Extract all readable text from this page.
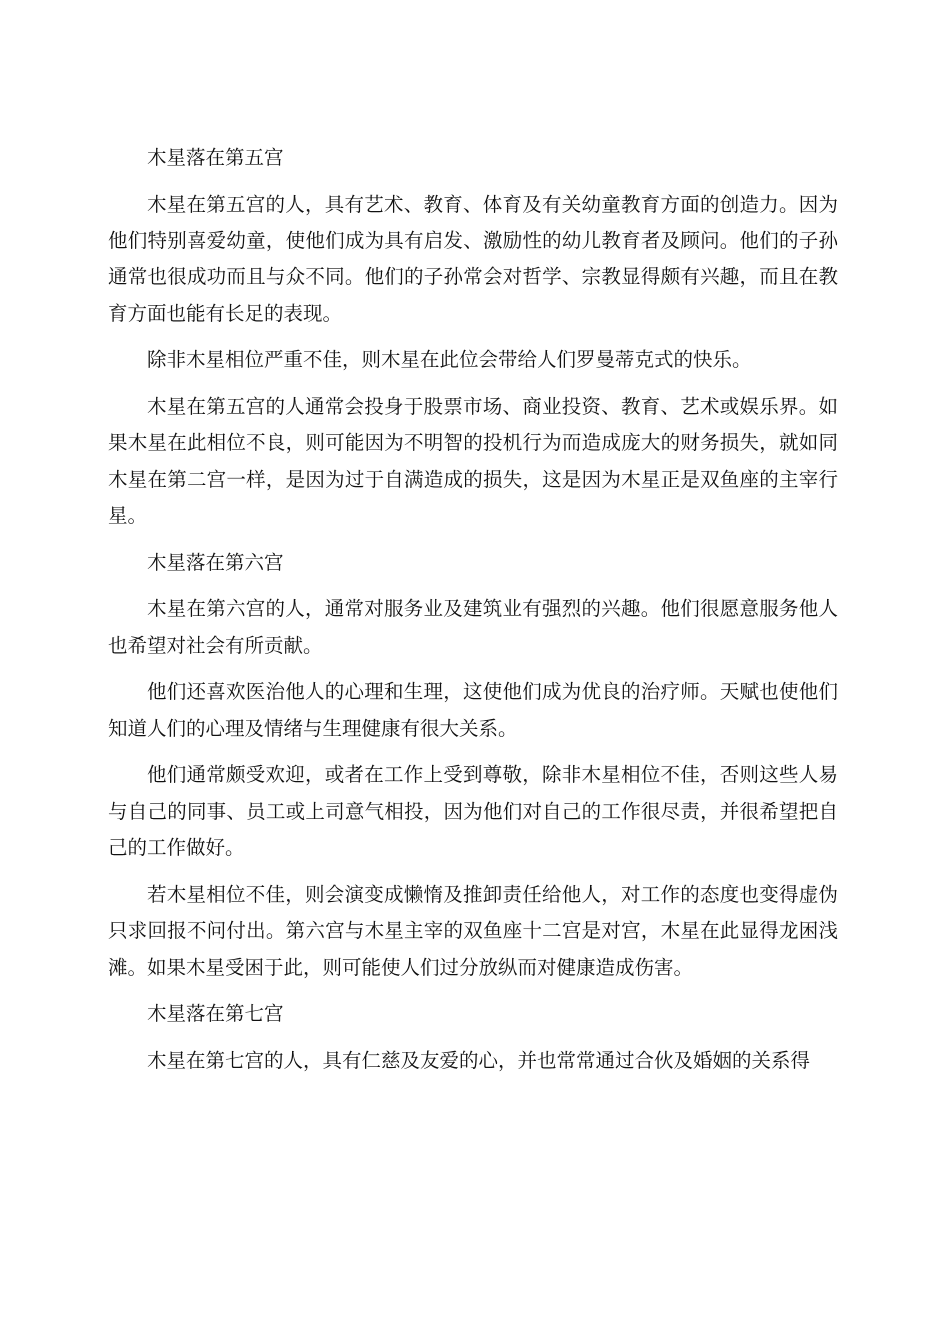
木星落在第五宫

木星在第五宫的人，具有艺术、教育、体育及有关幼童教育方面的创造力。因为他们特别喜爱幼童，使他们成为具有启发、激励性的幼儿教育者及顾问。他们的子孙通常也很成功而且与众不同。他们的子孙常会对哲学、宗教显得颇有兴趣，而且在教育方面也能有长足的表现。

除非木星相位严重不佳，则木星在此位会带给人们罗曼蒂克式的快乐。

木星在第五宫的人通常会投身于股票市场、商业投资、教育、艺术或娱乐界。如果木星在此相位不良，则可能因为不明智的投机行为而造成庞大的财务损失，就如同木星在第二宫一样，是因为过于自满造成的损失，这是因为木星正是双鱼座的主宰行星。

木星落在第六宫

木星在第六宫的人，通常对服务业及建筑业有强烈的兴趣。他们很愿意服务他人也希望对社会有所贡献。

他们还喜欢医治他人的心理和生理，这使他们成为优良的治疗师。天赋也使他们知道人们的心理及情绪与生理健康有很大关系。

他们通常颇受欢迎，或者在工作上受到尊敬，除非木星相位不佳，否则这些人易与自己的同事、员工或上司意气相投，因为他们对自己的工作很尽责，并很希望把自己的工作做好。

若木星相位不佳，则会演变成懒惰及推卸责任给他人，对工作的态度也变得虚伪只求回报不问付出。第六宫与木星主宰的双鱼座十二宫是对宫，木星在此显得龙困浅滩。如果木星受困于此，则可能使人们过分放纵而对健康造成伤害。

木星落在第七宫

木星在第七宫的人，具有仁慈及友爱的心，并也常常通过合伙及婚姻的关系得
